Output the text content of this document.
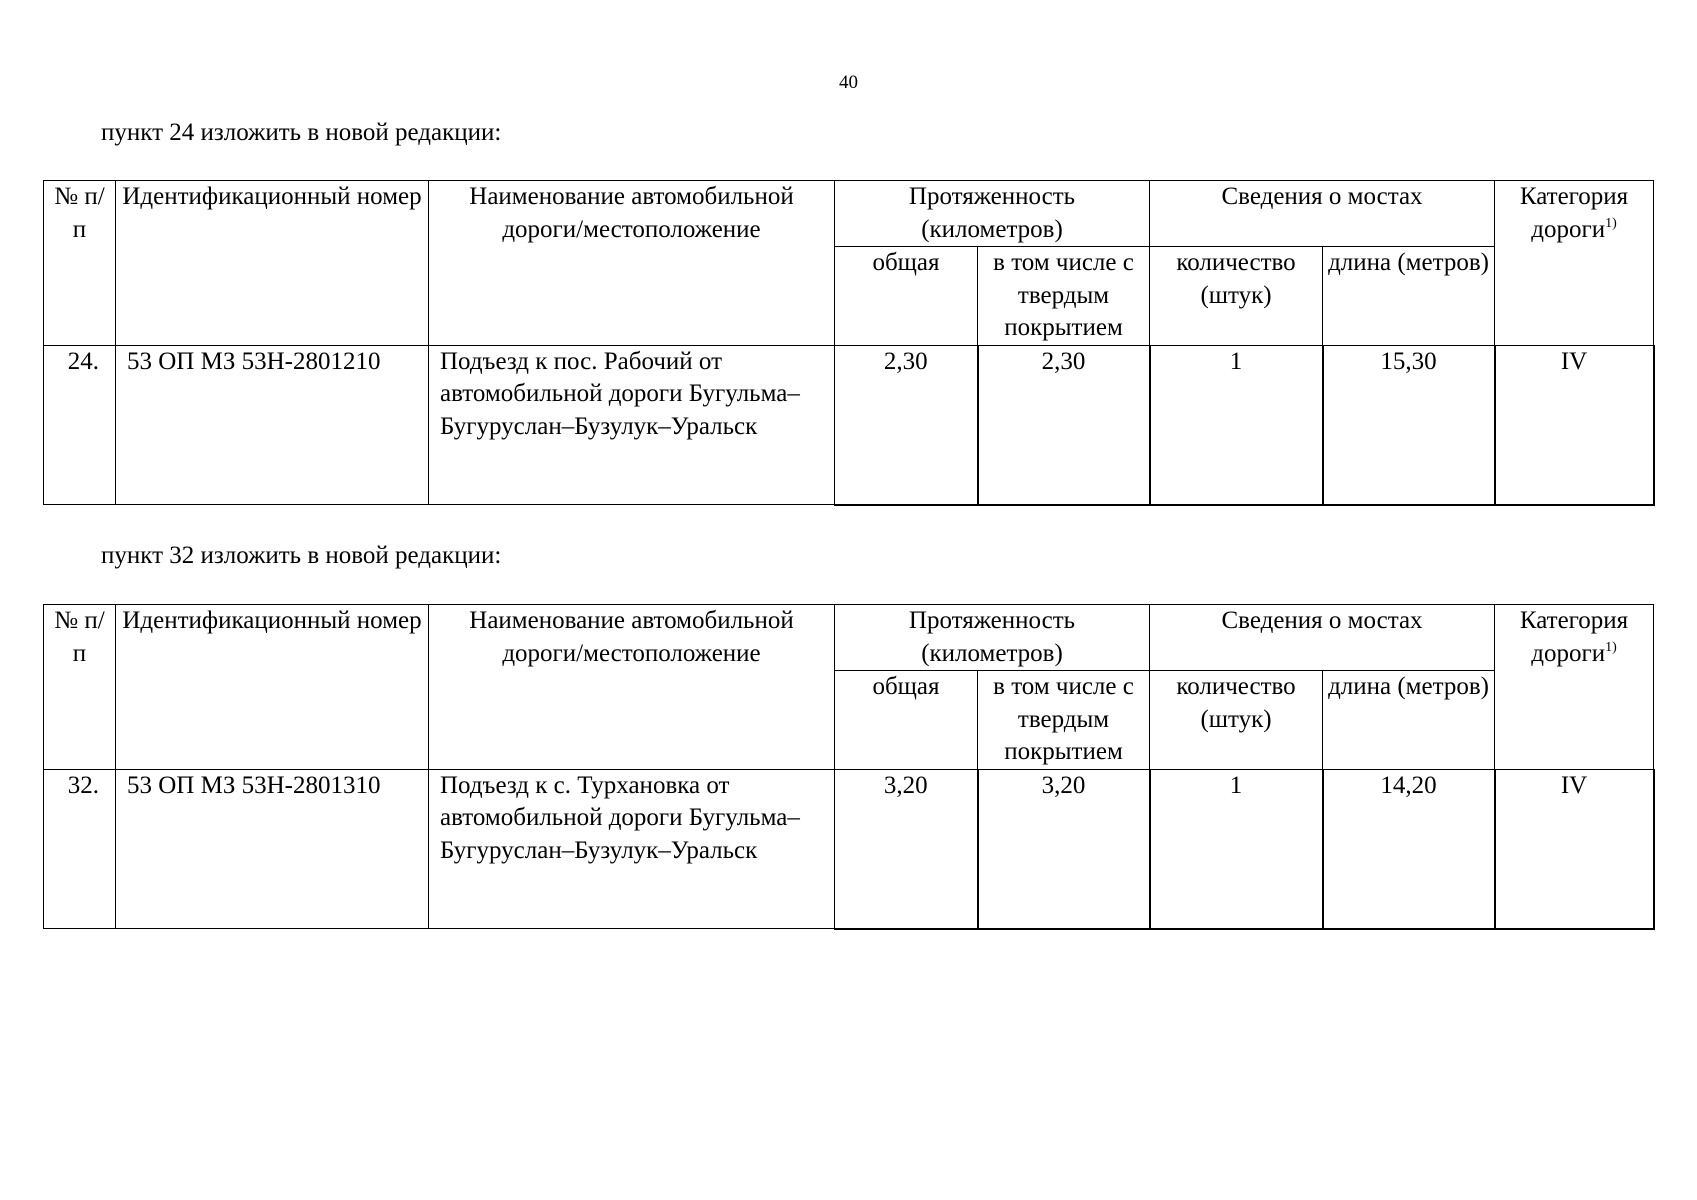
40
пункт 24 изложить в новой редакции:
№ п/п	Идентификационный номер	Наименование автомобильной дороги/местоположение	Протяженность (километров)		Сведения о мостах		Категория дороги$^{1)}$
			общая	в том числе с твердым покрытием	количество (штук)	длина (метров)	
24.	53 ОП МЗ 53Н-2801210	Подъезд к пос. Рабочий от автомобильной дороги Бугульма–Бугуруслан–Бузулук–Уральск	2,30	2,30	1	15,30	IV
пункт 32 изложить в новой редакции:
№ п/п	Идентификационный номер	Наименование автомобильной дороги/местоположение	Протяженность (километров)		Сведения о мостах		Категория дороги$^{1)}$
			общая	в том числе с твердым покрытием	количество (штук)	длина (метров)	
32.	53 ОП МЗ 53Н-2801310	Подъезд к с. Турхановка от автомобильной дороги Бугульма–Бугуруслан–Бузулук–Уральск	3,20	3,20	1	14,20	IV
